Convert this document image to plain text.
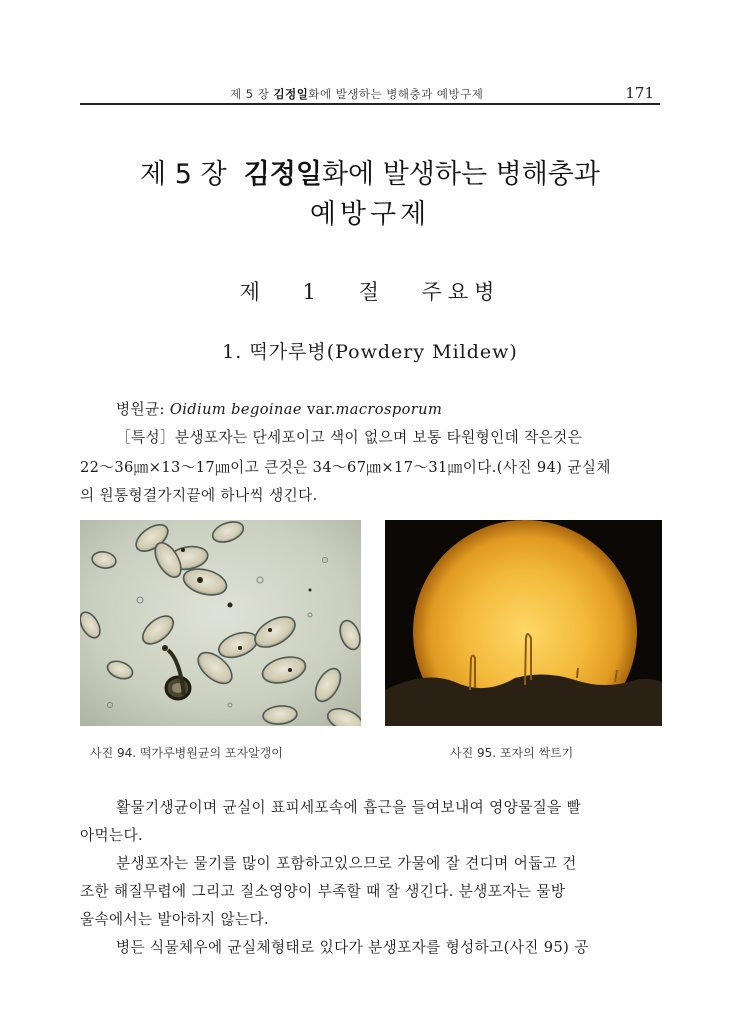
제 5 장 김정일화에 발생하는 병해충과 예방구제	171
제 5 장 김정일화에 발생하는 병해충과
예방구제
제 1 절 주요병
1. 떡가루병(Powdery Mildew)
병원균: Oidium begoinae var.macrosporum
［특성］분생포자는 단세포이고 색이 없으며 보통 타원형인데 작은것은
22～36㎛×13～17㎛이고 큰것은 34～67㎛×17～31㎛이다.(사진 94) 균실체
의 원통형결가지끝에 하나씩 생긴다.
사진 94. 떡가루병원균의 포자알갱이	사진 95. 포자의 싹트기
활물기생균이며 균실이 표피세포속에 흡근을 들여보내여 영양물질을 빨
아먹는다.
분생포자는 물기를 많이 포함하고있으므로 가물에 잘 견디며 어둡고 건
조한 해질무렵에 그리고 질소영양이 부족할 때 잘 생긴다. 분생포자는 물방
울속에서는 발아하지 않는다.
병든 식물체우에 균실체형태로 있다가 분생포자를 형성하고(사진 95) 공
